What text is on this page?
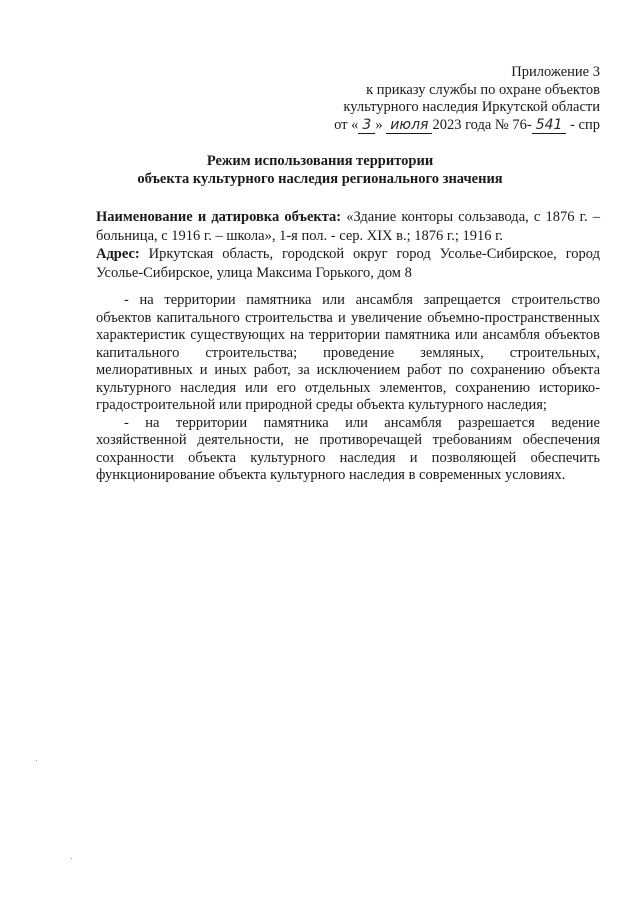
Приложение 3
к приказу службы по охране объектов
культурного наследия Иркутской области
от « 3 » июля 2023 года № 76- 541 - спр
Режим использования территории
объекта культурного наследия регионального значения

Наименование и датировка объекта: «Здание конторы сользавода, с 1876 г. – больница, с 1916 г. – школа», 1-я пол. - сер. XIX в.; 1876 г.; 1916 г.

Адрес: Иркутская область, городской округ город Усолье-Сибирское, город Усолье-Сибирское, улица Максима Горького, дом 8

- на территории памятника или ансамбля запрещается строительство объектов капитального строительства и увеличение объемно-пространственных характеристик существующих на территории памятника или ансамбля объектов капитального строительства; проведение земляных, строительных, мелиоративных и иных работ, за исключением работ по сохранению объекта культурного наследия или его отдельных элементов, сохранению историко-градостроительной или природной среды объекта культурного наследия;

- на территории памятника или ансамбля разрешается ведение хозяйственной деятельности, не противоречащей требованиям обеспечения сохранности объекта культурного наследия и позволяющей обеспечить функционирование объекта культурного наследия в современных условиях.
